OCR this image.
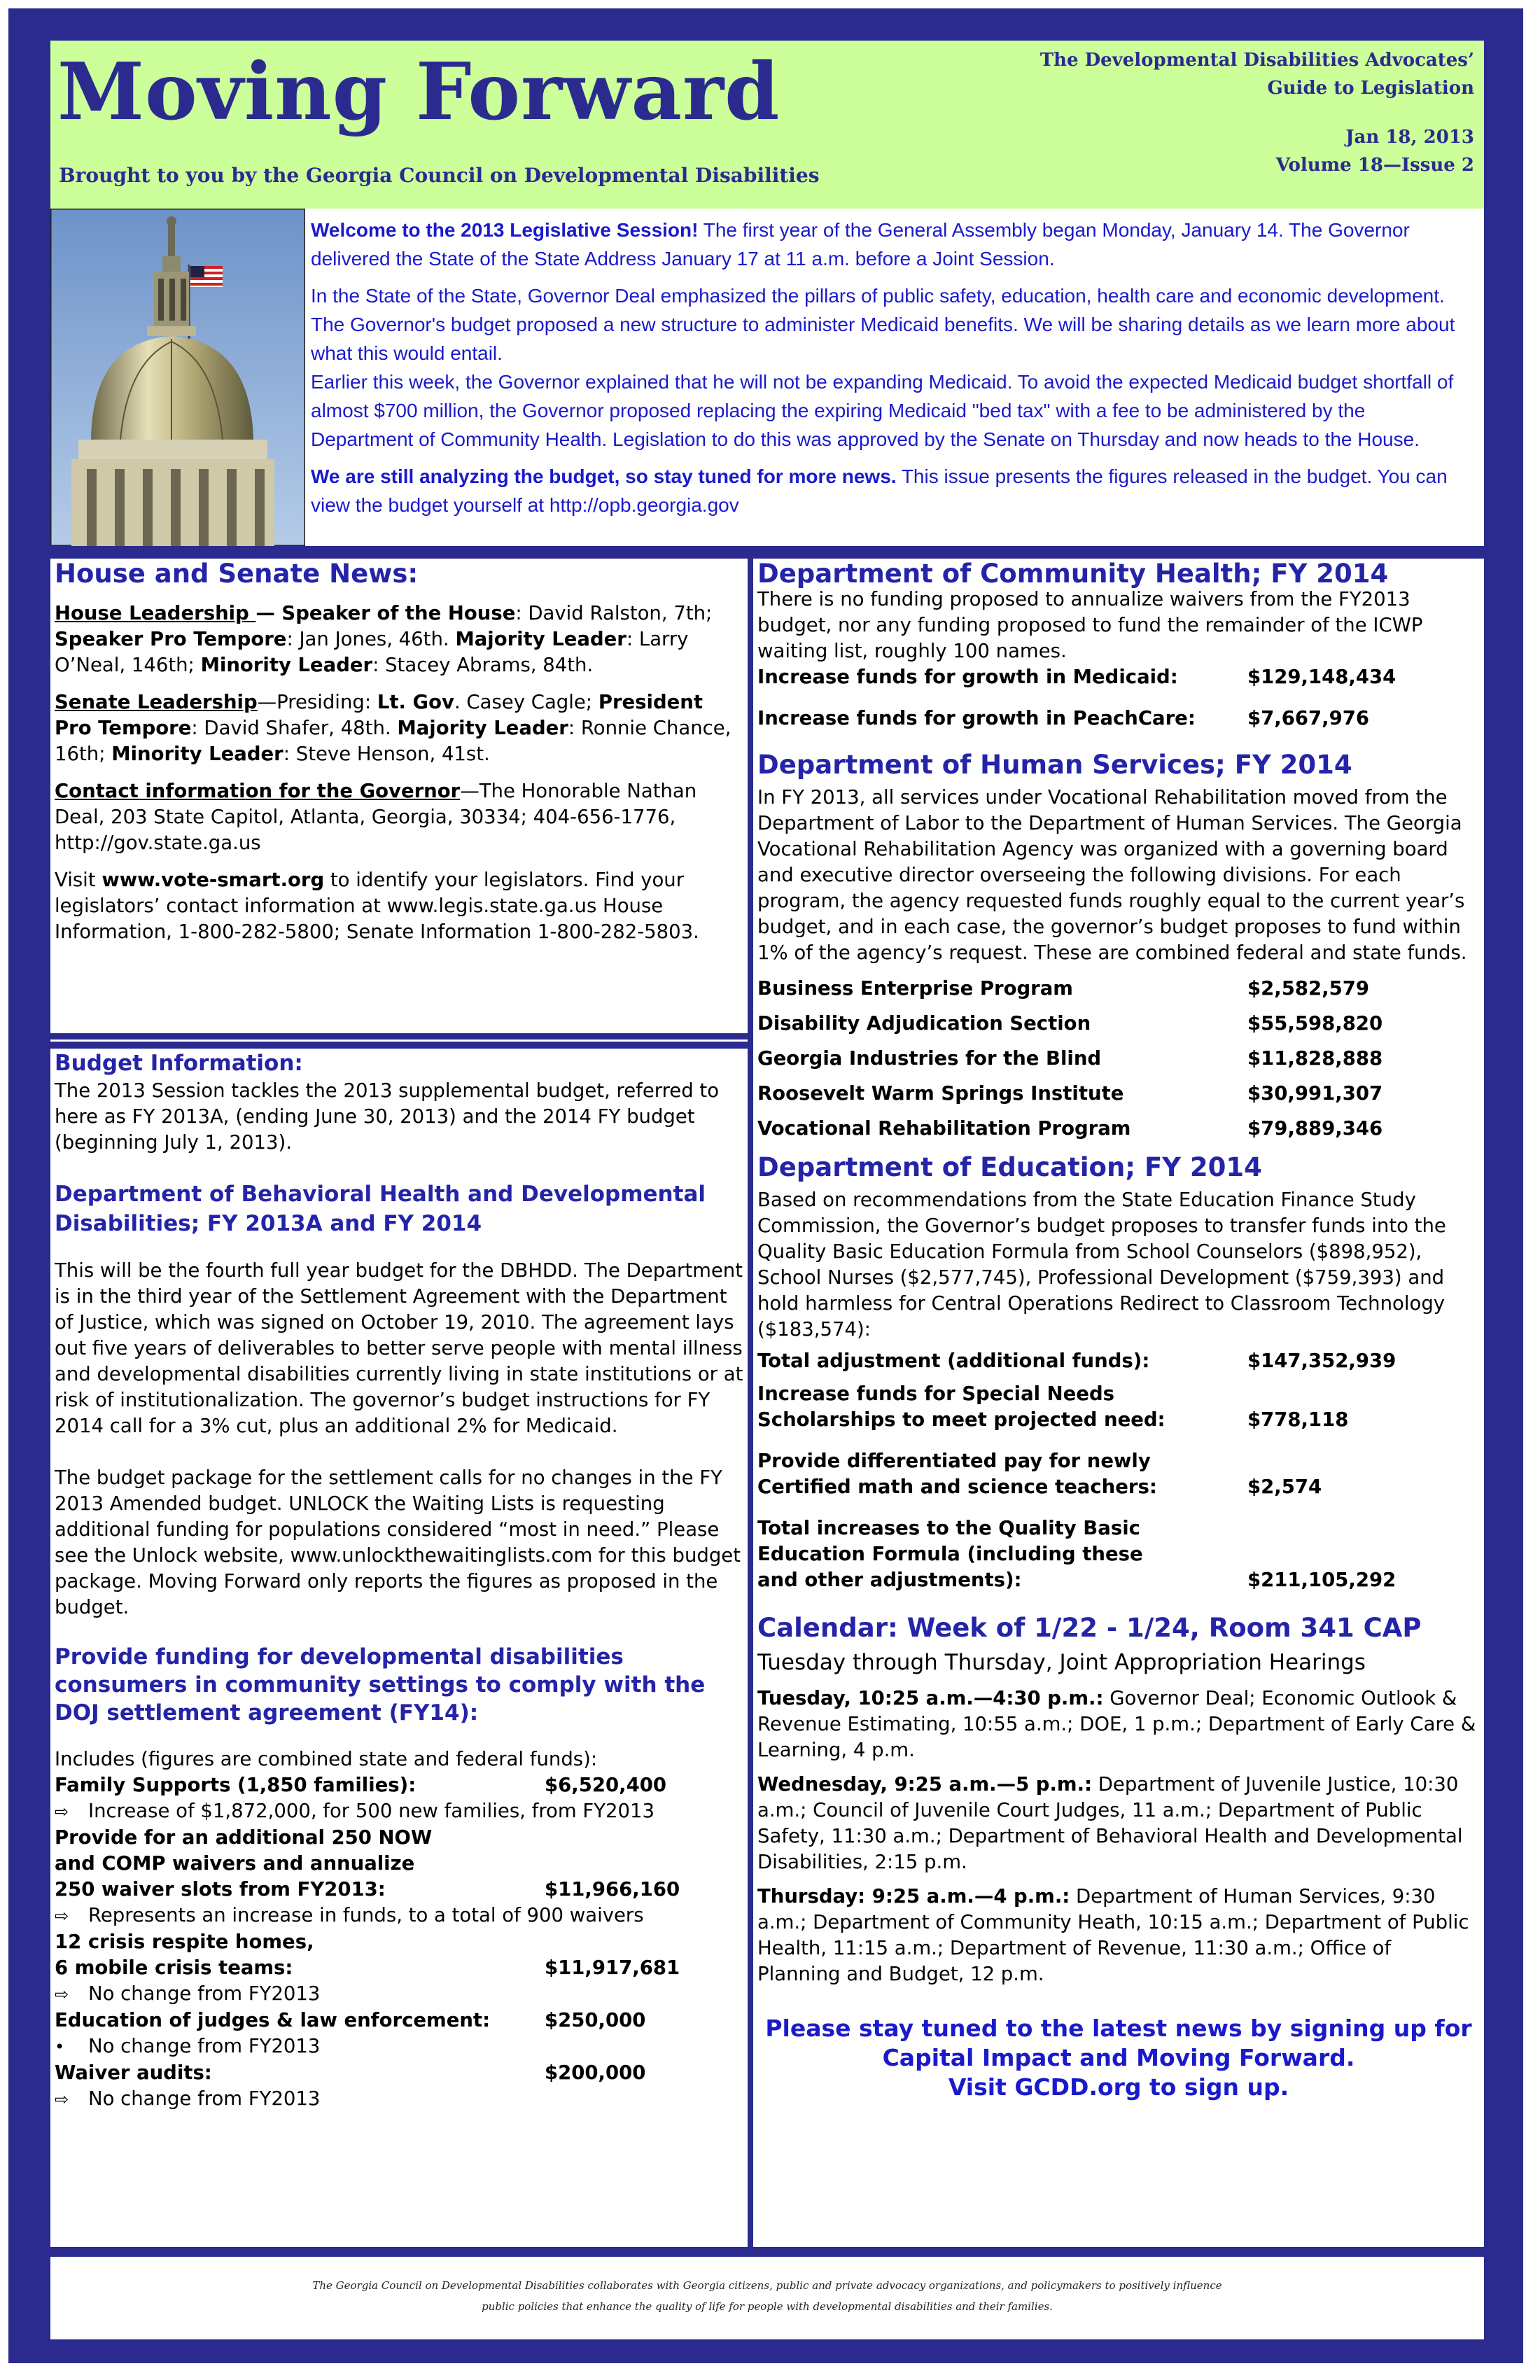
Moving Forward
Brought to you by the Georgia Council on Developmental Disabilities
The Developmental Disabilities Advocates’
Guide to Legislation
Jan 18, 2013
Volume 18—Issue 2

Welcome to the 2013 Legislative Session! The first year of the General Assembly began Monday, January 14. The Governor delivered the State of the State Address January 17 at 11 a.m. before a Joint Session.

In the State of the State, Governor Deal emphasized the pillars of public safety, education, health care and economic development. The Governor's budget proposed a new structure to administer Medicaid benefits. We will be sharing details as we learn more about what this would entail.

Earlier this week, the Governor explained that he will not be expanding Medicaid. To avoid the expected Medicaid budget shortfall of almost $700 million, the Governor proposed replacing the expiring Medicaid "bed tax" with a fee to be administered by the Department of Community Health. Legislation to do this was approved by the Senate on Thursday and now heads to the House.

We are still analyzing the budget, so stay tuned for more news. This issue presents the figures released in the budget. You can view the budget yourself at http://opb.georgia.gov

House and Senate News:

House Leadership — Speaker of the House: David Ralston, 7th; Speaker Pro Tempore: Jan Jones, 46th. Majority Leader: Larry O’Neal, 146th; Minority Leader: Stacey Abrams, 84th.

Senate Leadership—Presiding: Lt. Gov. Casey Cagle; President Pro Tempore: David Shafer, 48th. Majority Leader: Ronnie Chance, 16th; Minority Leader: Steve Henson, 41st.

Contact information for the Governor—The Honorable Nathan Deal, 203 State Capitol, Atlanta, Georgia, 30334; 404-656-1776, http://gov.state.ga.us

Visit www.vote-smart.org to identify your legislators. Find your legislators’ contact information at www.legis.state.ga.us House Information, 1-800-282-5800; Senate Information 1-800-282-5803.

Budget Information:

The 2013 Session tackles the 2013 supplemental budget, referred to here as FY 2013A, (ending June 30, 2013) and the 2014 FY budget (beginning July 1, 2013).

Department of Behavioral Health and Developmental Disabilities; FY 2013A and FY 2014

This will be the fourth full year budget for the DBHDD. The Department is in the third year of the Settlement Agreement with the Department of Justice, which was signed on October 19, 2010. The agreement lays out five years of deliverables to better serve people with mental illness and developmental disabilities currently living in state institutions or at risk of institutionalization. The governor’s budget instructions for FY 2014 call for a 3% cut, plus an additional 2% for Medicaid.

The budget package for the settlement calls for no changes in the FY 2013 Amended budget. UNLOCK the Waiting Lists is requesting additional funding for populations considered “most in need.” Please see the Unlock website, www.unlockthewaitinglists.com for this budget package. Moving Forward only reports the figures as proposed in the budget.

Provide funding for developmental disabilities consumers in community settings to comply with the DOJ settlement agreement (FY14):

Includes (figures are combined state and federal funds):

Family Supports (1,850 families):	$6,520,400
⇨	Increase of $1,872,000, for 500 new families, from FY2013
Provide for an additional 250 NOW
and COMP waivers and annualize
250 waiver slots from FY2013:	$11,966,160
⇨	Represents an increase in funds, to a total of 900 waivers
12 crisis respite homes,
6 mobile crisis teams:	$11,917,681
⇨	No change from FY2013
Education of judges & law enforcement:	$250,000
•	No change from FY2013
Waiver audits:	$200,000
⇨	No change from FY2013
Department of Community Health; FY 2014

There is no funding proposed to annualize waivers from the FY2013 budget, nor any funding proposed to fund the remainder of the ICWP waiting list, roughly 100 names.

Increase funds for growth in Medicaid:	$129,148,434
Increase funds for growth in PeachCare:	$7,667,976
Department of Human Services; FY 2014

In FY 2013, all services under Vocational Rehabilitation moved from the Department of Labor to the Department of Human Services. The Georgia Vocational Rehabilitation Agency was organized with a governing board and executive director overseeing the following divisions. For each program, the agency requested funds roughly equal to the current year’s budget, and in each case, the governor’s budget proposes to fund within 1% of the agency’s request. These are combined federal and state funds.

Business Enterprise Program	$2,582,579
Disability Adjudication Section	$55,598,820
Georgia Industries for the Blind	$11,828,888
Roosevelt Warm Springs Institute	$30,991,307
Vocational Rehabilitation Program	$79,889,346
Department of Education; FY 2014

Based on recommendations from the State Education Finance Study Commission, the Governor’s budget proposes to transfer funds into the Quality Basic Education Formula from School Counselors ($898,952), School Nurses ($2,577,745), Professional Development ($759,393) and hold harmless for Central Operations Redirect to Classroom Technology ($183,574):

Total adjustment (additional funds):	$147,352,939
Increase funds for Special Needs
Scholarships to meet projected need:	$778,118
Provide differentiated pay for newly
Certified math and science teachers:	$2,574
Total increases to the Quality Basic
Education Formula (including these
and other adjustments):	$211,105,292
Calendar: Week of 1/22 - 1/24, Room 341 CAP
Tuesday through Thursday, Joint Appropriation Hearings

Tuesday, 10:25 a.m.—4:30 p.m.: Governor Deal; Economic Outlook & Revenue Estimating, 10:55 a.m.; DOE, 1 p.m.; Department of Early Care & Learning, 4 p.m.

Wednesday, 9:25 a.m.—5 p.m.: Department of Juvenile Justice, 10:30 a.m.; Council of Juvenile Court Judges, 11 a.m.; Department of Public Safety, 11:30 a.m.; Department of Behavioral Health and Developmental Disabilities, 2:15 p.m.

Thursday: 9:25 a.m.—4 p.m.: Department of Human Services, 9:30 a.m.; Department of Community Heath, 10:15 a.m.; Department of Public Health, 11:15 a.m.; Department of Revenue, 11:30 a.m.; Office of Planning and Budget, 12 p.m.

Please stay tuned to the latest news by signing up for
Capital Impact and Moving Forward.
Visit GCDD.org to sign up.
The Georgia Council on Developmental Disabilities collaborates with Georgia citizens, public and private advocacy organizations, and policymakers to positively influence
public policies that enhance the quality of life for people with developmental disabilities and their families.
